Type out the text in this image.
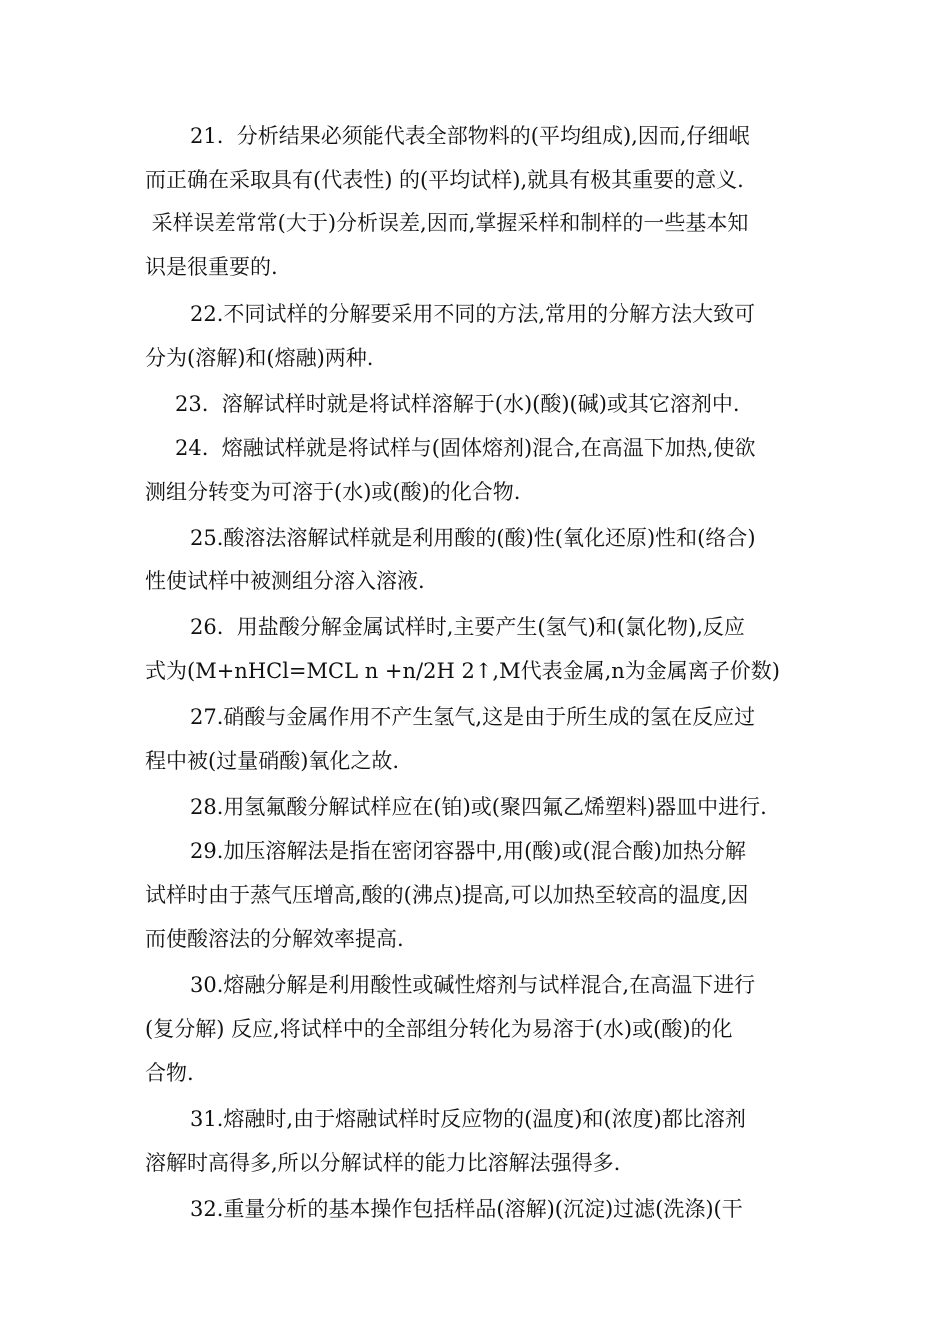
21.  分析结果必须能代表全部物料的(平均组成),因而,仔细岷
而正确在采取具有(代表性) 的(平均试样),就具有极其重要的意义.
采样误差常常(大于)分析误差,因而,掌握采样和制样的一些基本知
识是很重要的.
22.不同试样的分解要采用不同的方法,常用的分解方法大致可
分为(溶解)和(熔融)两种.
23.  溶解试样时就是将试样溶解于(水)(酸)(碱)或其它溶剂中.
24.  熔融试样就是将试样与(固体熔剂)混合,在高温下加热,使欲
测组分转变为可溶于(水)或(酸)的化合物.
25.酸溶法溶解试样就是利用酸的(酸)性(氧化还原)性和(络合)
性使试样中被测组分溶入溶液.
26.  用盐酸分解金属试样时,主要产生(氢气)和(氯化物),反应
式为(M+nHCl=MCL n +n/2H 2↑,M代表金属,n为金属离子价数)
27.硝酸与金属作用不产生氢气,这是由于所生成的氢在反应过
程中被(过量硝酸)氧化之故.
28.用氢氟酸分解试样应在(铂)或(聚四氟乙烯塑料)器皿中进行.
29.加压溶解法是指在密闭容器中,用(酸)或(混合酸)加热分解
试样时由于蒸气压增高,酸的(沸点)提高,可以加热至较高的温度,因
而使酸溶法的分解效率提高.
30.熔融分解是利用酸性或碱性熔剂与试样混合,在高温下进行
(复分解) 反应,将试样中的全部组分转化为易溶于(水)或(酸)的化
合物.
31.熔融时,由于熔融试样时反应物的(温度)和(浓度)都比溶剂
溶解时高得多,所以分解试样的能力比溶解法强得多.
32.重量分析的基本操作包括样品(溶解)(沉淀)过滤(洗涤)(干
